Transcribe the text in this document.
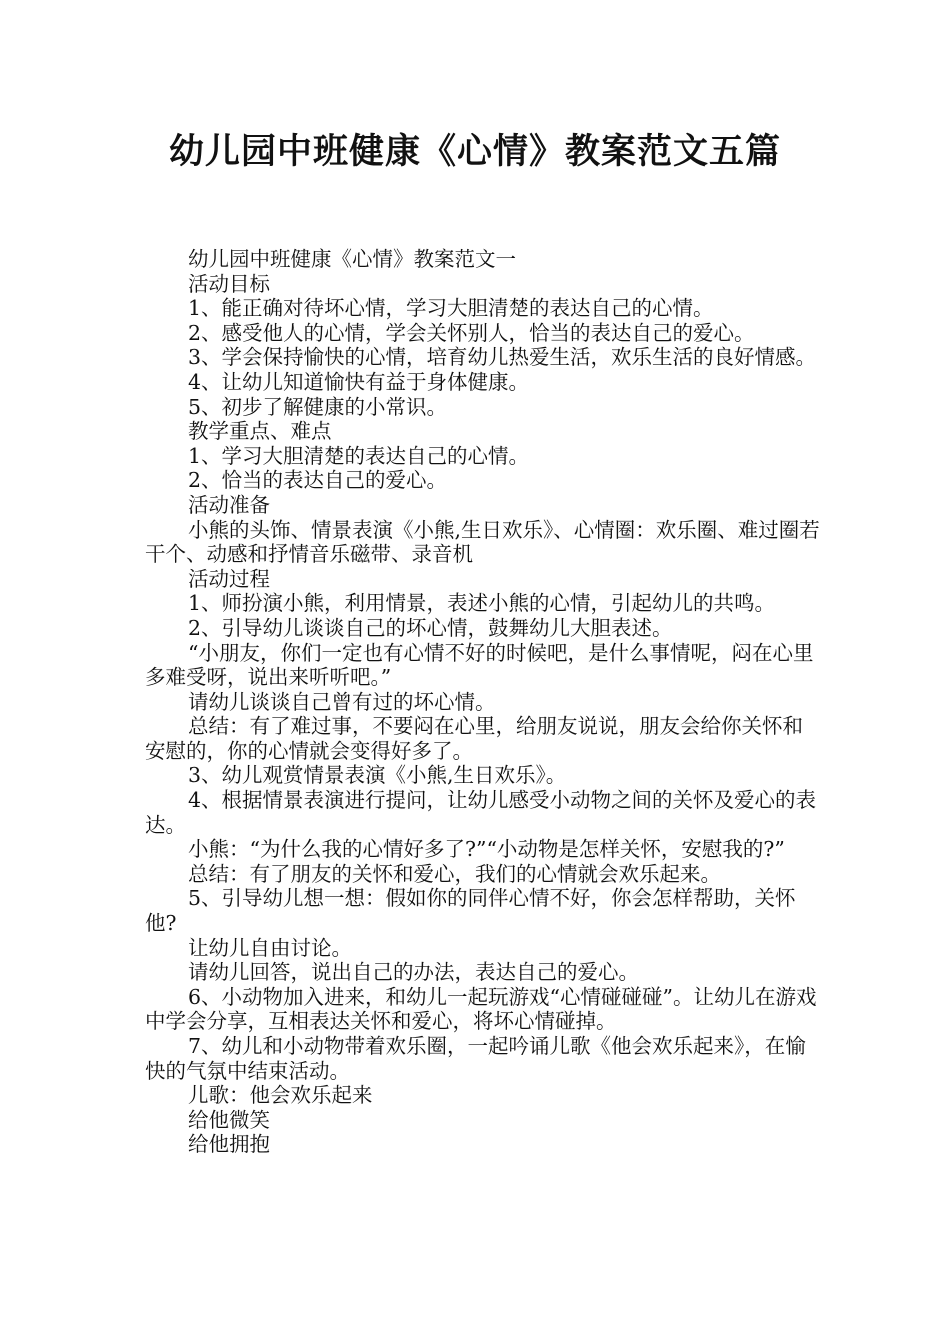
幼儿园中班健康《心情》教案范文五篇

幼儿园中班健康《心情》教案范文一

活动目标

1、能正确对待坏心情，学习大胆清楚的表达自己的心情。

2、感受他人的心情，学会关怀别人，恰当的表达自己的爱心。

3、学会保持愉快的心情，培育幼儿热爱生活，欢乐生活的良好情感。

4、让幼儿知道愉快有益于身体健康。

5、初步了解健康的小常识。

教学重点、难点

1、学习大胆清楚的表达自己的心情。

2、恰当的表达自己的爱心。

活动准备

小熊的头饰、情景表演《小熊,生日欢乐》、心情圈：欢乐圈、难过圈若干个、动感和抒情音乐磁带、录音机

活动过程

1、师扮演小熊，利用情景，表述小熊的心情，引起幼儿的共鸣。

2、引导幼儿谈谈自己的坏心情，鼓舞幼儿大胆表述。

“小朋友，你们一定也有心情不好的时候吧，是什么事情呢，闷在心里多难受呀，说出来听听吧。”

请幼儿谈谈自己曾有过的坏心情。

总结：有了难过事，不要闷在心里，给朋友说说，朋友会给你关怀和安慰的，你的心情就会变得好多了。

3、幼儿观赏情景表演《小熊,生日欢乐》。

4、根据情景表演进行提问，让幼儿感受小动物之间的关怀及爱心的表达。

小熊：“为什么我的心情好多了?”“小动物是怎样关怀，安慰我的?”

总结：有了朋友的关怀和爱心，我们的心情就会欢乐起来。

5、引导幼儿想一想：假如你的同伴心情不好，你会怎样帮助，关怀他?

让幼儿自由讨论。

请幼儿回答，说出自己的办法，表达自己的爱心。

6、小动物加入进来，和幼儿一起玩游戏“心情碰碰碰”。让幼儿在游戏中学会分享，互相表达关怀和爱心，将坏心情碰掉。

7、幼儿和小动物带着欢乐圈，一起吟诵儿歌《他会欢乐起来》，在愉快的气氛中结束活动。

儿歌：他会欢乐起来

给他微笑

给他拥抱
